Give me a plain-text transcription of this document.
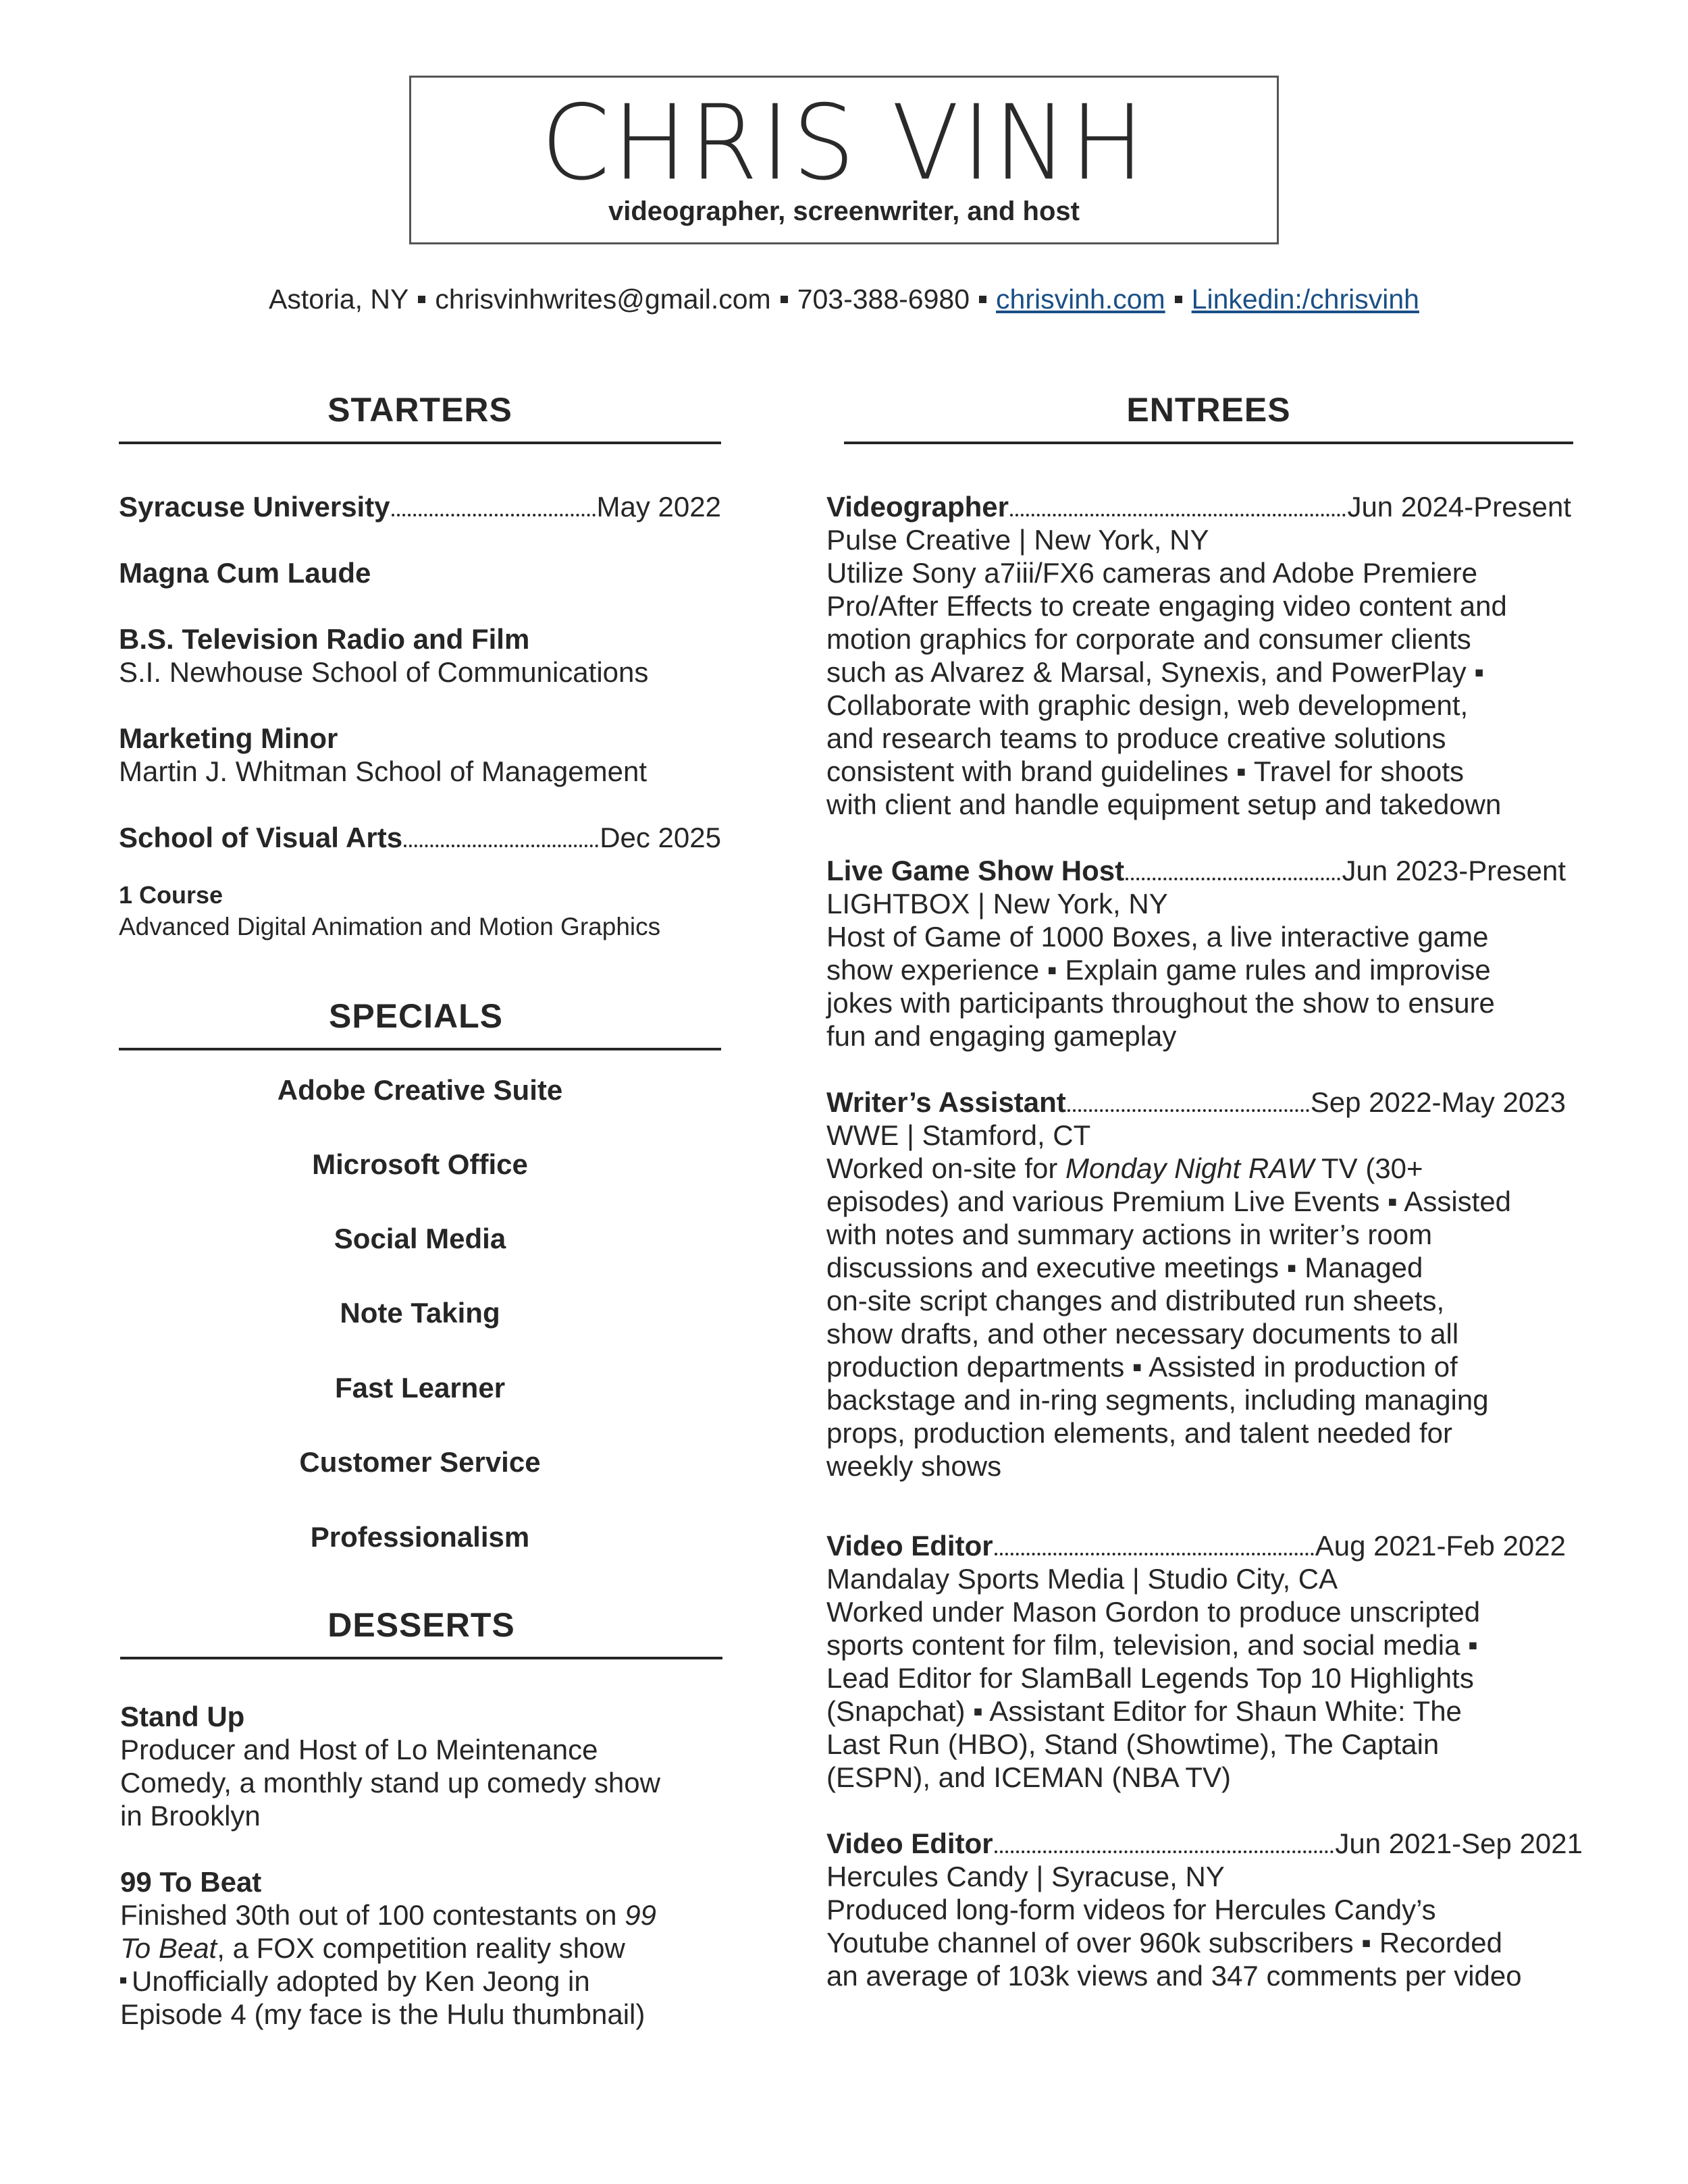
CHRIS VINH
videographer, screenwriter, and host
Astoria, NY chrisvinhwrites@gmail.com 703-388-6980 chrisvinh.com Linkedin:/chrisvinh
STARTERS
Syracuse University	May 2022
Magna Cum Laude
B.S. Television Radio and Film
S.I. Newhouse School of Communications
Marketing Minor
Martin J. Whitman School of Management
School of Visual Arts	Dec 2025
1 Course
Advanced Digital Animation and Motion Graphics
SPECIALS
Adobe Creative Suite
Microsoft Office
Social Media
Note Taking
Fast Learner
Customer Service
Professionalism
DESSERTS
Stand Up
Producer and Host of Lo Meintenance
Comedy, a monthly stand up comedy show
in Brooklyn
99 To Beat
Finished 30th out of 100 contestants on 99
To Beat, a FOX competition reality show
Unofficially adopted by Ken Jeong in
Episode 4 (my face is the Hulu thumbnail)
ENTREES
Videographer	Jun 2024-Present
Pulse Creative | New York, NY
Utilize Sony a7iii/FX6 cameras and Adobe Premiere
Pro/After Effects to create engaging video content and
motion graphics for corporate and consumer clients
such as Alvarez & Marsal, Synexis, and PowerPlay ▪
Collaborate with graphic design, web development,
and research teams to produce creative solutions
consistent with brand guidelines ▪ Travel for shoots
with client and handle equipment setup and takedown
Live Game Show Host	Jun 2023-Present
LIGHTBOX | New York, NY
Host of Game of 1000 Boxes, a live interactive game
show experience ▪ Explain game rules and improvise
jokes with participants throughout the show to ensure
fun and engaging gameplay
Writer’s Assistant	Sep 2022-May 2023
WWE | Stamford, CT
Worked on-site for Monday Night RAW TV (30+
episodes) and various Premium Live Events ▪ Assisted
with notes and summary actions in writer’s room
discussions and executive meetings ▪ Managed
on-site script changes and distributed run sheets,
show drafts, and other necessary documents to all
production departments ▪ Assisted in production of
backstage and in-ring segments, including managing
props, production elements, and talent needed for
weekly shows
Video Editor	Aug 2021-Feb 2022
Mandalay Sports Media | Studio City, CA
Worked under Mason Gordon to produce unscripted
sports content for film, television, and social media ▪
Lead Editor for SlamBall Legends Top 10 Highlights
(Snapchat) ▪ Assistant Editor for Shaun White: The
Last Run (HBO), Stand (Showtime), The Captain
(ESPN), and ICEMAN (NBA TV)
Video Editor	Jun 2021-Sep 2021
Hercules Candy | Syracuse, NY
Produced long-form videos for Hercules Candy’s
Youtube channel of over 960k subscribers ▪ Recorded
an average of 103k views and 347 comments per video
